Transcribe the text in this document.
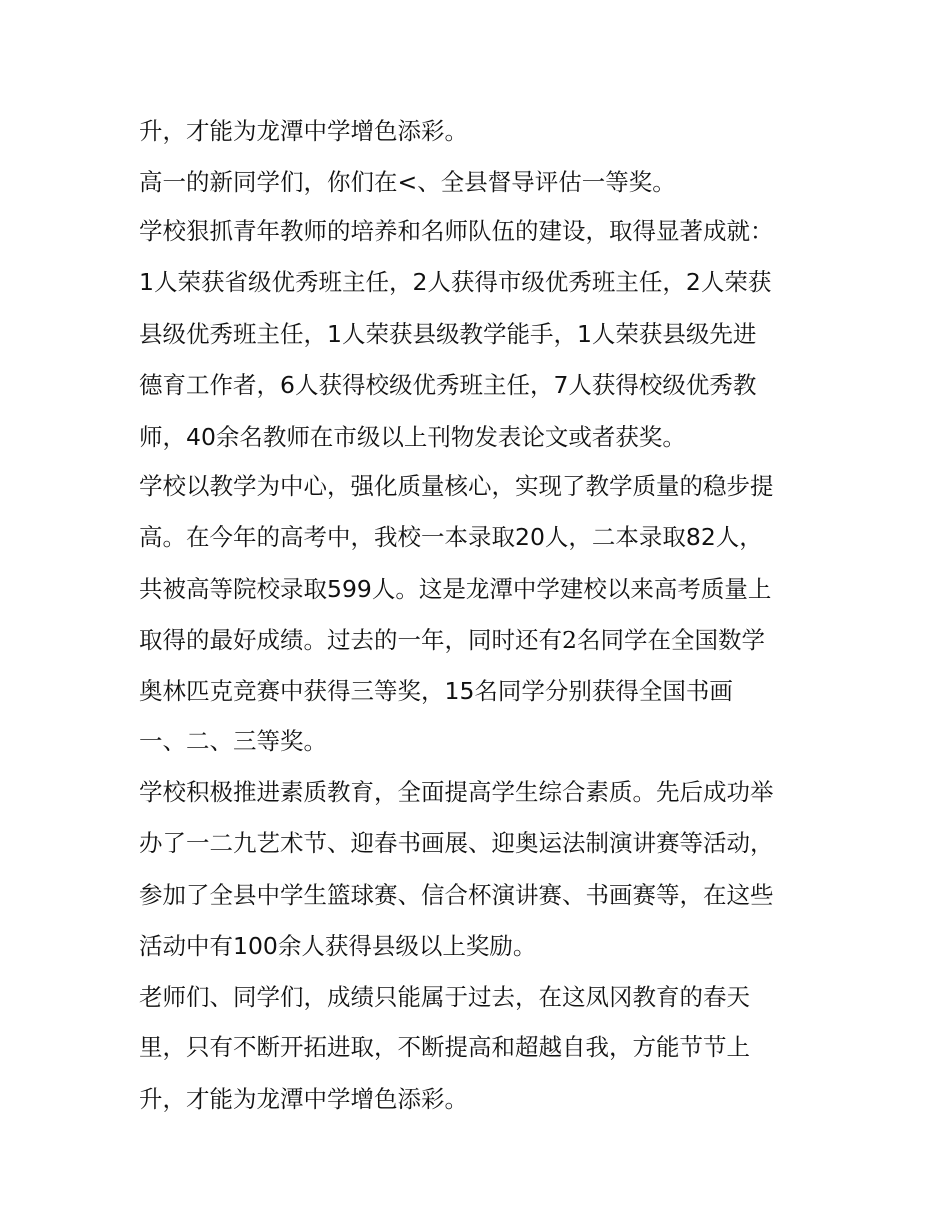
升，才能为龙潭中学增色添彩。
高一的新同学们，你们在<、全县督导评估一等奖。
学校狠抓青年教师的培养和名师队伍的建设，取得显著成就：
1人荣获省级优秀班主任，2人获得市级优秀班主任，2人荣获
县级优秀班主任，1人荣获县级教学能手，1人荣获县级先进
德育工作者，6人获得校级优秀班主任，7人获得校级优秀教
师，40余名教师在市级以上刊物发表论文或者获奖。
学校以教学为中心，强化质量核心，实现了教学质量的稳步提
高。在今年的高考中，我校一本录取20人，二本录取82人，
共被高等院校录取599人。这是龙潭中学建校以来高考质量上
取得的最好成绩。过去的一年，同时还有2名同学在全国数学
奥林匹克竞赛中获得三等奖，15名同学分别获得全国书画
一、二、三等奖。
学校积极推进素质教育，全面提高学生综合素质。先后成功举
办了一二九艺术节、迎春书画展、迎奥运法制演讲赛等活动，
参加了全县中学生篮球赛、信合杯演讲赛、书画赛等，在这些
活动中有100余人获得县级以上奖励。
老师们、同学们，成绩只能属于过去，在这凤冈教育的春天
里，只有不断开拓进取，不断提高和超越自我，方能节节上
升，才能为龙潭中学增色添彩。
